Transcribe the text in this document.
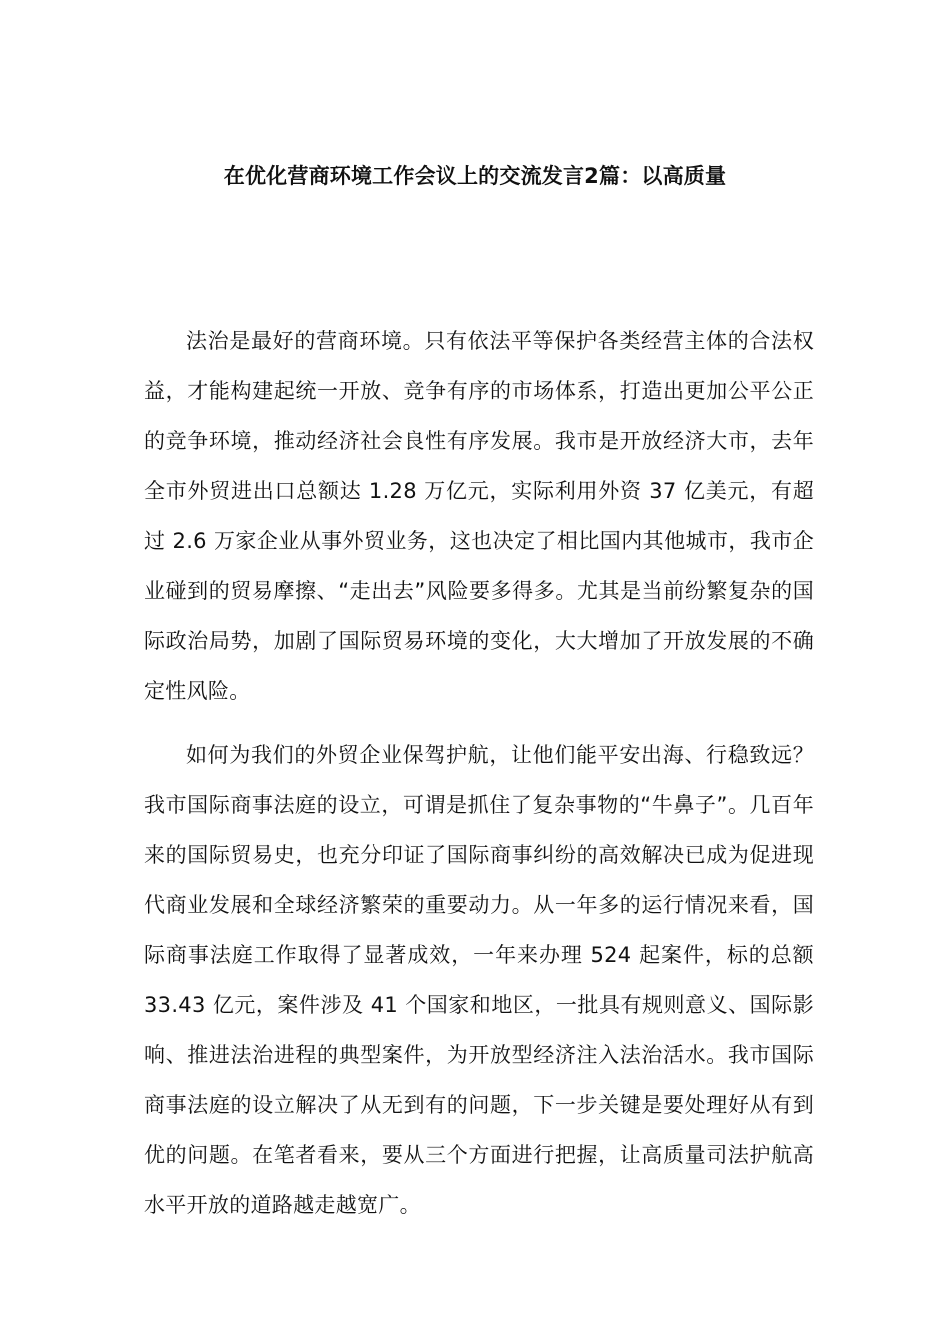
在优化营商环境工作会议上的交流发言2篇：以高质量

法治是最好的营商环境。只有依法平等保护各类经营主体的合法权益，才能构建起统一开放、竞争有序的市场体系，打造出更加公平公正的竞争环境，推动经济社会良性有序发展。我市是开放经济大市，去年全市外贸进出口总额达 1.28 万亿元，实际利用外资 37 亿美元，有超过 2.6 万家企业从事外贸业务，这也决定了相比国内其他城市，我市企业碰到的贸易摩擦、“走出去”风险要多得多。尤其是当前纷繁复杂的国际政治局势，加剧了国际贸易环境的变化，大大增加了开放发展的不确定性风险。

如何为我们的外贸企业保驾护航，让他们能平安出海、行稳致远？我市国际商事法庭的设立，可谓是抓住了复杂事物的“牛鼻子”。几百年来的国际贸易史，也充分印证了国际商事纠纷的高效解决已成为促进现代商业发展和全球经济繁荣的重要动力。从一年多的运行情况来看，国际商事法庭工作取得了显著成效，一年来办理 524 起案件，标的总额 33.43 亿元，案件涉及 41 个国家和地区，一批具有规则意义、国际影响、推进法治进程的典型案件，为开放型经济注入法治活水。我市国际商事法庭的设立解决了从无到有的问题，下一步关键是要处理好从有到优的问题。在笔者看来，要从三个方面进行把握，让高质量司法护航高水平开放的道路越走越宽广。
